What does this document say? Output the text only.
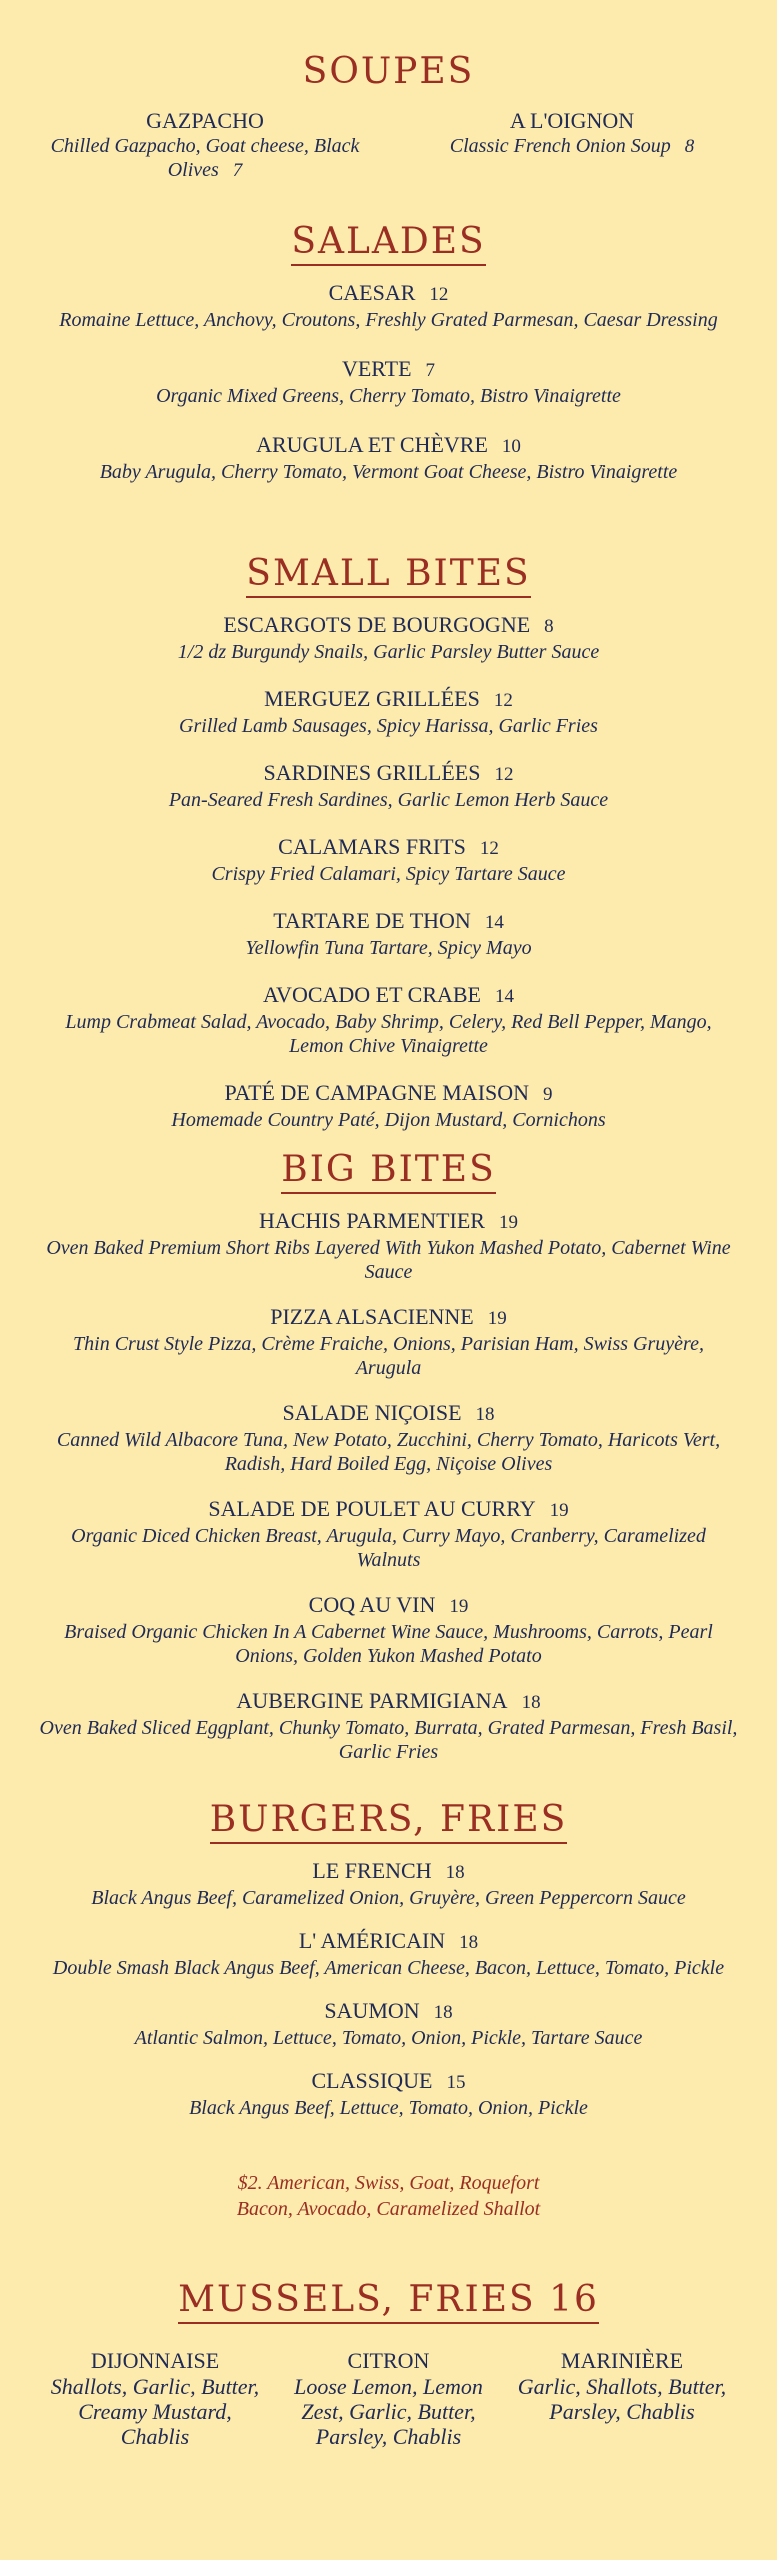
SOUPES
GAZPACHO
Chilled Gazpacho, Goat cheese, Black Olives 7
A L'OIGNON
Classic French Onion Soup 8
SALADES
CAESAR 12
Romaine Lettuce, Anchovy, Croutons, Freshly Grated Parmesan, Caesar Dressing
VERTE 7
Organic Mixed Greens, Cherry Tomato, Bistro Vinaigrette
ARUGULA ET CHÈVRE 10
Baby Arugula, Cherry Tomato, Vermont Goat Cheese, Bistro Vinaigrette
SMALL BITES
ESCARGOTS DE BOURGOGNE 8
1/2 dz Burgundy Snails, Garlic Parsley Butter Sauce
MERGUEZ GRILLÉES 12
Grilled Lamb Sausages, Spicy Harissa, Garlic Fries
SARDINES GRILLÉES 12
Pan-Seared Fresh Sardines, Garlic Lemon Herb Sauce
CALAMARS FRITS 12
Crispy Fried Calamari, Spicy Tartare Sauce
TARTARE DE THON 14
Yellowfin Tuna Tartare, Spicy Mayo
AVOCADO ET CRABE 14
Lump Crabmeat Salad, Avocado, Baby Shrimp, Celery, Red Bell Pepper, Mango, Lemon Chive Vinaigrette
PATÉ DE CAMPAGNE MAISON 9
Homemade Country Paté, Dijon Mustard, Cornichons
BIG BITES
HACHIS PARMENTIER 19
Oven Baked Premium Short Ribs Layered With Yukon Mashed Potato, Cabernet Wine Sauce
PIZZA ALSACIENNE 19
Thin Crust Style Pizza, Crème Fraiche, Onions, Parisian Ham, Swiss Gruyère, Arugula
SALADE NIÇOISE 18
Canned Wild Albacore Tuna, New Potato, Zucchini, Cherry Tomato, Haricots Vert, Radish, Hard Boiled Egg, Niçoise Olives
SALADE DE POULET AU CURRY 19
Organic Diced Chicken Breast, Arugula, Curry Mayo, Cranberry, Caramelized Walnuts
COQ AU VIN 19
Braised Organic Chicken In A Cabernet Wine Sauce, Mushrooms, Carrots, Pearl Onions, Golden Yukon Mashed Potato
AUBERGINE PARMIGIANA 18
Oven Baked Sliced Eggplant, Chunky Tomato, Burrata, Grated Parmesan, Fresh Basil, Garlic Fries
BURGERS, FRIES
LE FRENCH 18
Black Angus Beef, Caramelized Onion, Gruyère, Green Peppercorn Sauce
L' AMÉRICAIN 18
Double Smash Black Angus Beef, American Cheese, Bacon, Lettuce, Tomato, Pickle
SAUMON 18
Atlantic Salmon, Lettuce, Tomato, Onion, Pickle, Tartare Sauce
CLASSIQUE 15
Black Angus Beef, Lettuce, Tomato, Onion, Pickle
$2. American, Swiss, Goat, Roquefort
Bacon, Avocado, Caramelized Shallot
MUSSELS, FRIES 16
DIJONNAISE
Shallots, Garlic, Butter, Creamy Mustard, Chablis
CITRON
Loose Lemon, Lemon Zest, Garlic, Butter, Parsley, Chablis
MARINIÈRE
Garlic, Shallots, Butter, Parsley, Chablis
